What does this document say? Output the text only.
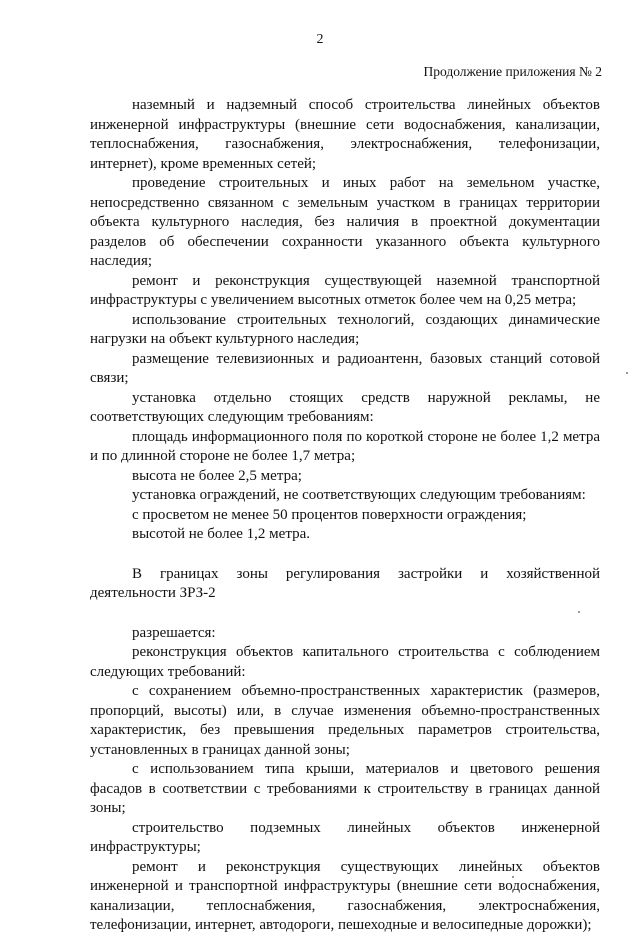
2
Продолжение приложения № 2

наземный и надземный способ строительства линейных объектов инженерной инфраструктуры (внешние сети водоснабжения, канализации, теплоснабжения, газоснабжения, электроснабжения, телефонизации, интернет), кроме временных сетей;

проведение строительных и иных работ на земельном участке, непосредственно связанном с земельным участком в границах территории объекта культурного наследия, без наличия в проектной документации разделов об обеспечении сохранности указанного объекта культурного наследия;

ремонт и реконструкция существующей наземной транспортной инфраструктуры с увеличением высотных отметок более чем на 0,25 метра;

использование строительных технологий, создающих динамические нагрузки на объект культурного наследия;

размещение телевизионных и радиоантенн, базовых станций сотовой связи;

установка отдельно стоящих средств наружной рекламы, не соответствующих следующим требованиям:

площадь информационного поля по короткой стороне не более 1,2 метра и по длинной стороне не более 1,7 метра;

высота не более 2,5 метра;

установка ограждений, не соответствующих следующим требованиям:

с просветом не менее 50 процентов поверхности ограждения;

высотой не более 1,2 метра.

В границах зоны регулирования застройки и хозяйственной деятельности ЗРЗ-2

разрешается:

реконструкция объектов капитального строительства с соблюдением следующих требований:

с сохранением объемно-пространственных характеристик (размеров, пропорций, высоты) или, в случае изменения объемно-пространственных характеристик, без превышения предельных параметров строительства, установленных в границах данной зоны;

с использованием типа крыши, материалов и цветового решения фасадов в соответствии с требованиями к строительству в границах данной зоны;

строительство подземных линейных объектов инженерной инфраструктуры;

ремонт и реконструкция существующих линейных объектов инженерной и транспортной инфраструктуры (внешние сети водоснабжения, канализации, теплоснабжения, газоснабжения, электроснабжения, телефонизации, интернет, автодороги, пешеходные и велосипедные дорожки);
